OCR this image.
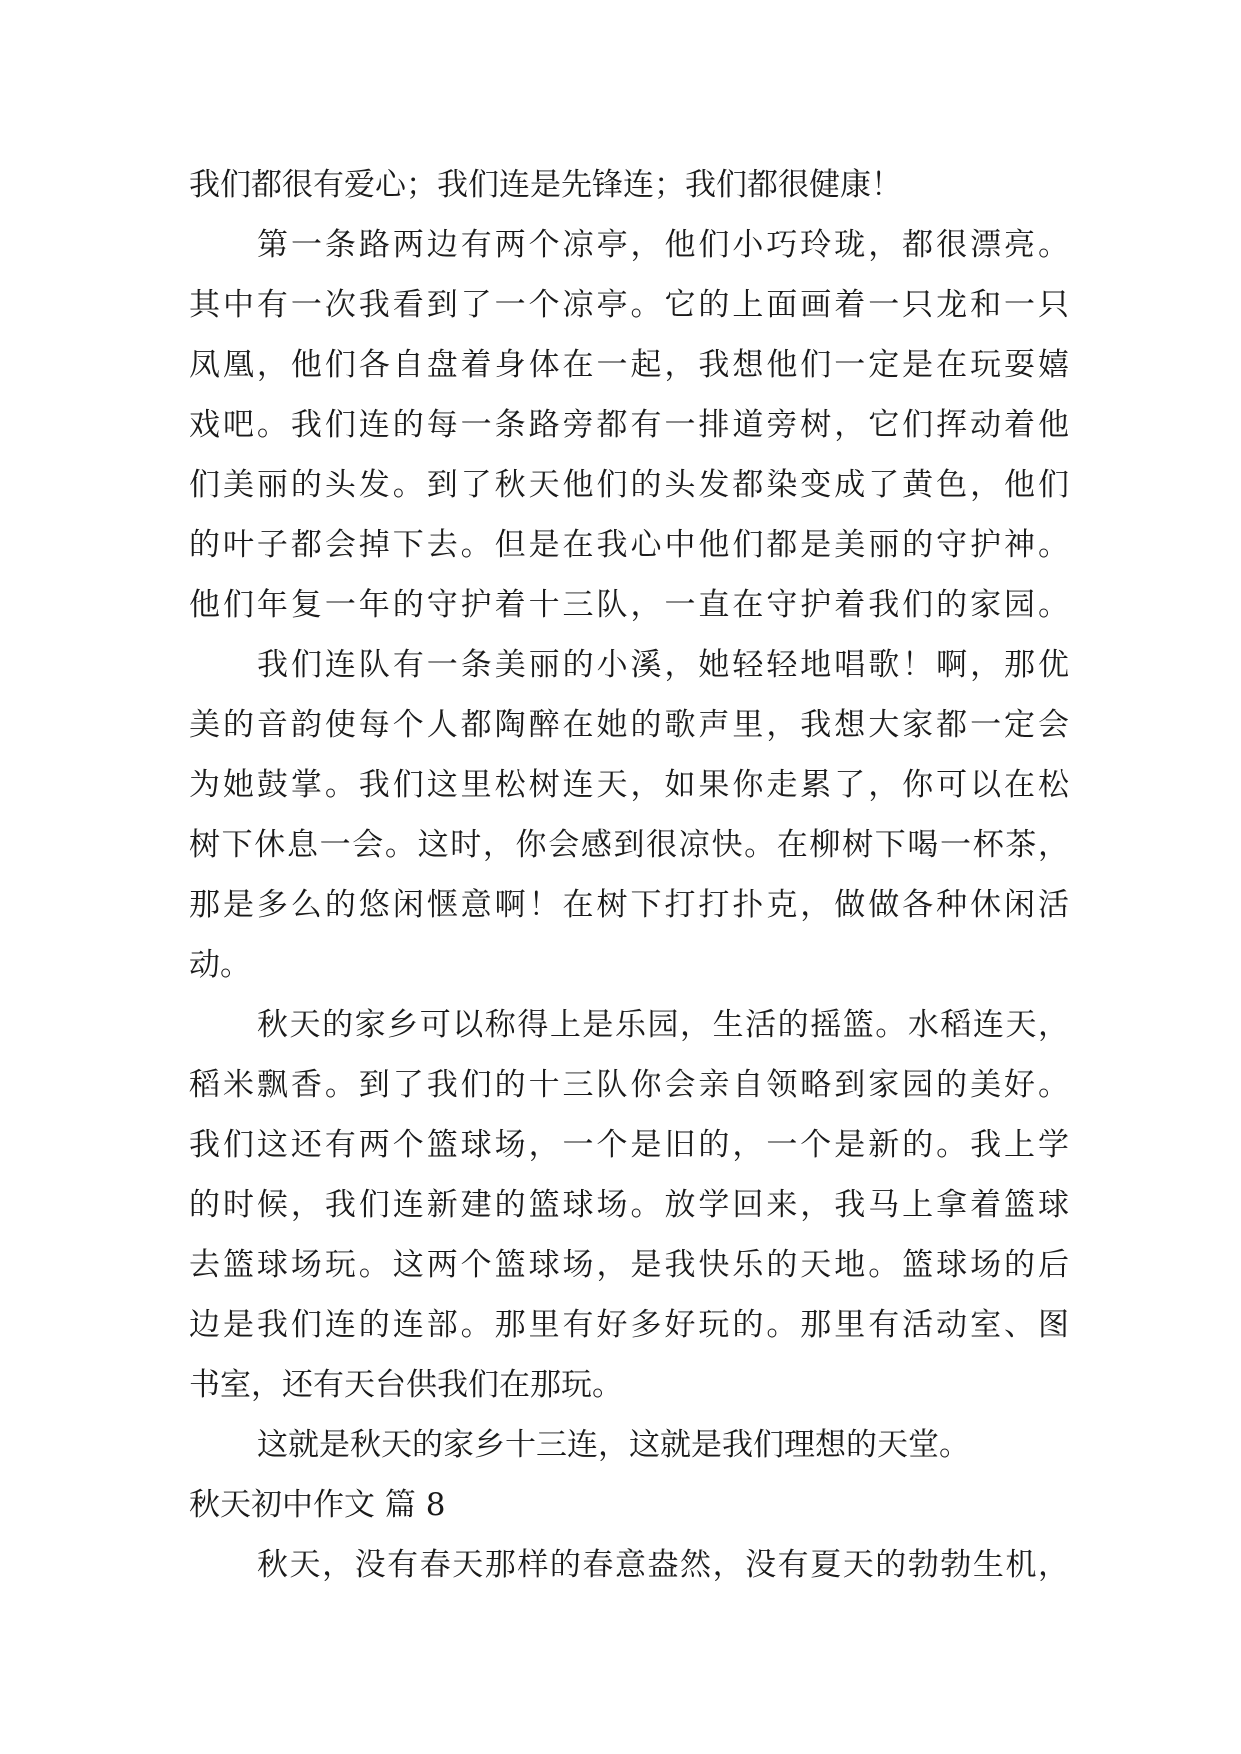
我们都很有爱心；我们连是先锋连；我们都很健康！
第一条路两边有两个凉亭，他们小巧玲珑，都很漂亮。
其中有一次我看到了一个凉亭。它的上面画着一只龙和一只
凤凰，他们各自盘着身体在一起，我想他们一定是在玩耍嬉
戏吧。我们连的每一条路旁都有一排道旁树，它们挥动着他
们美丽的头发。到了秋天他们的头发都染变成了黄色，他们
的叶子都会掉下去。但是在我心中他们都是美丽的守护神。
他们年复一年的守护着十三队，一直在守护着我们的家园。
我们连队有一条美丽的小溪，她轻轻地唱歌！啊，那优
美的音韵使每个人都陶醉在她的歌声里，我想大家都一定会
为她鼓掌。我们这里松树连天，如果你走累了，你可以在松
树下休息一会。这时，你会感到很凉快。在柳树下喝一杯茶，
那是多么的悠闲惬意啊！在树下打打扑克，做做各种休闲活
动。
秋天的家乡可以称得上是乐园，生活的摇篮。水稻连天，
稻米飘香。到了我们的十三队你会亲自领略到家园的美好。
我们这还有两个篮球场，一个是旧的，一个是新的。我上学
的时候，我们连新建的篮球场。放学回来，我马上拿着篮球
去篮球场玩。这两个篮球场，是我快乐的天地。篮球场的后
边是我们连的连部。那里有好多好玩的。那里有活动室、图
书室，还有天台供我们在那玩。
这就是秋天的家乡十三连，这就是我们理想的天堂。
秋天初中作文 篇 8
秋天，没有春天那样的春意盎然，没有夏天的勃勃生机，
